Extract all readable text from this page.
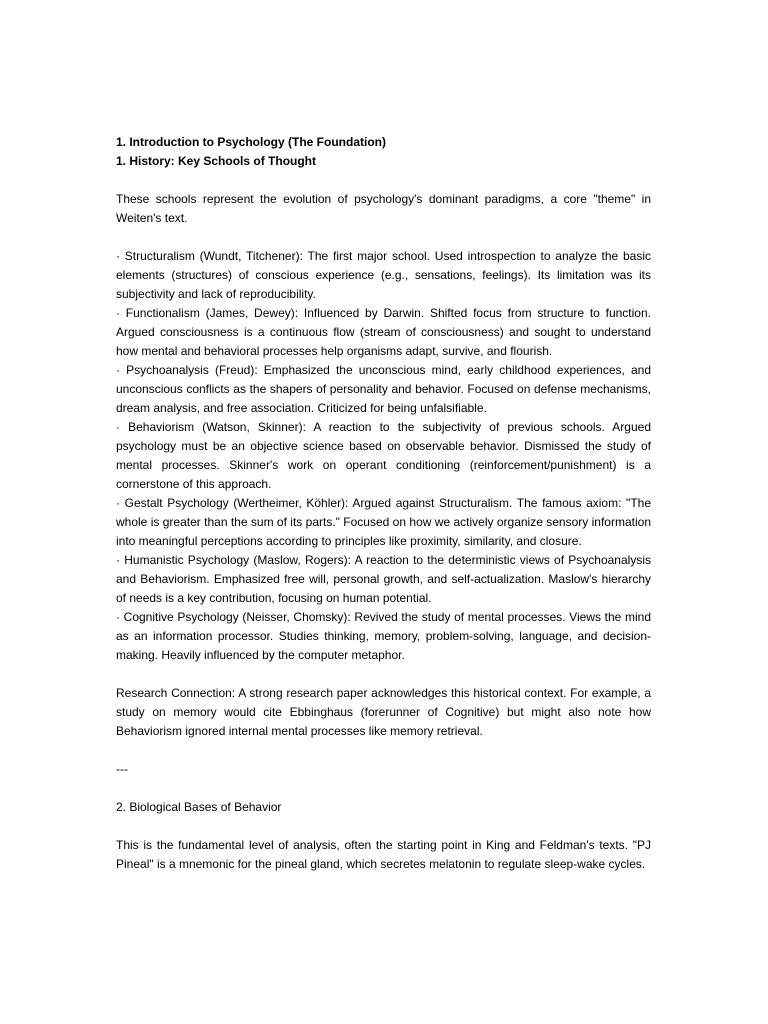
1. Introduction to Psychology (The Foundation)

1. History: Key Schools of Thought

These schools represent the evolution of psychology's dominant paradigms, a core "theme" in Weiten's text.

· Structuralism (Wundt, Titchener): The first major school. Used introspection to analyze the basic elements (structures) of conscious experience (e.g., sensations, feelings). Its limitation was its subjectivity and lack of reproducibility.

· Functionalism (James, Dewey): Influenced by Darwin. Shifted focus from structure to function. Argued consciousness is a continuous flow (stream of consciousness) and sought to understand how mental and behavioral processes help organisms adapt, survive, and flourish.

· Psychoanalysis (Freud): Emphasized the unconscious mind, early childhood experiences, and unconscious conflicts as the shapers of personality and behavior. Focused on defense mechanisms, dream analysis, and free association. Criticized for being unfalsifiable.

· Behaviorism (Watson, Skinner): A reaction to the subjectivity of previous schools. Argued psychology must be an objective science based on observable behavior. Dismissed the study of mental processes. Skinner's work on operant conditioning (reinforcement/punishment) is a cornerstone of this approach.

· Gestalt Psychology (Wertheimer, Köhler): Argued against Structuralism. The famous axiom: "The whole is greater than the sum of its parts." Focused on how we actively organize sensory information into meaningful perceptions according to principles like proximity, similarity, and closure.

· Humanistic Psychology (Maslow, Rogers): A reaction to the deterministic views of Psychoanalysis and Behaviorism. Emphasized free will, personal growth, and self-actualization. Maslow's hierarchy of needs is a key contribution, focusing on human potential.

· Cognitive Psychology (Neisser, Chomsky): Revived the study of mental processes. Views the mind as an information processor. Studies thinking, memory, problem-solving, language, and decision-making. Heavily influenced by the computer metaphor.

Research Connection: A strong research paper acknowledges this historical context. For example, a study on memory would cite Ebbinghaus (forerunner of Cognitive) but might also note how Behaviorism ignored internal mental processes like memory retrieval.

---

2. Biological Bases of Behavior

This is the fundamental level of analysis, often the starting point in King and Feldman's texts. "PJ Pineal" is a mnemonic for the pineal gland, which secretes melatonin to regulate sleep-wake cycles.
